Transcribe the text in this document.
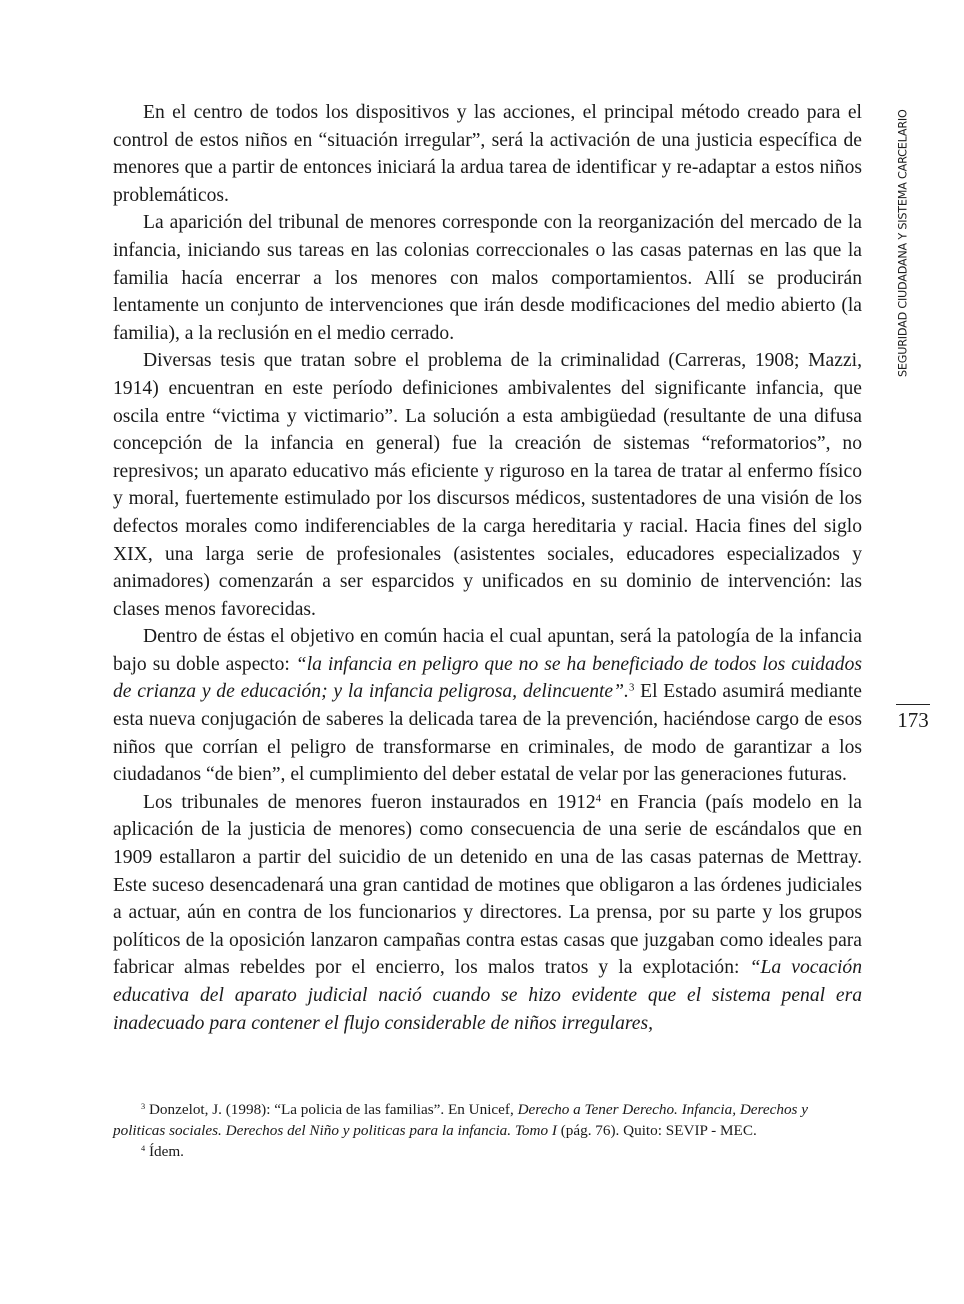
En el centro de todos los dispositivos y las acciones, el principal método creado para el control de estos niños en “situación irregular”, será la activación de una justicia específica de menores que a partir de entonces iniciará la ardua tarea de identificar y re-adaptar a estos niños problemáticos.

La aparición del tribunal de menores corresponde con la reorganización del mercado de la infancia, iniciando sus tareas en las colonias correccionales o las casas paternas en las que la familia hacía encerrar a los menores con malos comportamientos. Allí se producirán lentamente un conjunto de intervenciones que irán desde modificaciones del medio abierto (la familia), a la reclusión en el medio cerrado.

Diversas tesis que tratan sobre el problema de la criminalidad (Carreras, 1908; Mazzi, 1914) encuentran en este período definiciones ambivalentes del significante infancia, que oscila entre “victima y victimario”. La solución a esta ambigüedad (resultante de una difusa concepción de la infancia en general) fue la creación de sistemas “reformatorios”, no represivos; un aparato educativo más eficiente y riguroso en la tarea de tratar al enfermo físico y moral, fuertemente estimulado por los discursos médicos, sustentadores de una visión de los defectos morales como indiferenciables de la carga hereditaria y racial. Hacia fines del siglo XIX, una larga serie de profesionales (asistentes sociales, educadores especializados y animadores) comenzarán a ser esparcidos y unificados en su dominio de intervención: las clases menos favorecidas.

Dentro de éstas el objetivo en común hacia el cual apuntan, será la patología de la infancia bajo su doble aspecto: “la infancia en peligro que no se ha beneficiado de todos los cuidados de crianza y de educación; y la infancia peligrosa, delincuente”.$^3$ El Estado asumirá mediante esta nueva conjugación de saberes la delicada tarea de la prevención, haciéndose cargo de esos niños que corrían el peligro de transformarse en criminales, de modo de garantizar a los ciudadanos “de bien”, el cumplimiento del deber estatal de velar por las generaciones futuras.

Los tribunales de menores fueron instaurados en 1912$^4$ en Francia (país modelo en la aplicación de la justicia de menores) como consecuencia de una serie de escándalos que en 1909 estallaron a partir del suicidio de un detenido en una de las casas paternas de Mettray. Este suceso desencadenará una gran cantidad de motines que obligaron a las órdenes judiciales a actuar, aún en contra de los funcionarios y directores. La prensa, por su parte y los grupos políticos de la oposición lanzaron campañas contra estas casas que juzgaban como ideales para fabricar almas rebeldes por el encierro, los malos tratos y la explotación: “La vocación educativa del aparato judicial nació cuando se hizo evidente que el sistema penal era inadecuado para contener el flujo considerable de niños irregulares,

$^3$ Donzelot, J. (1998): “La policia de las familias”. En Unicef, Derecho a Tener Derecho. Infancia, Derechos y politicas sociales. Derechos del Niño y politicas para la infancia. Tomo I (pág. 76). Quito: SEVIP - MEC.

$^4$ Ídem.

SEGURIDAD CIUDADANA Y SISTEMA CARCELARIO
173
